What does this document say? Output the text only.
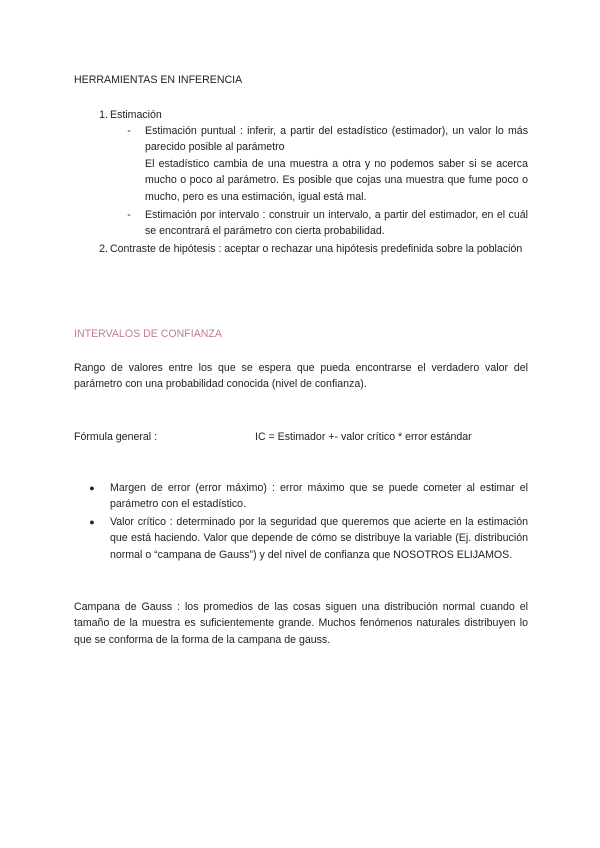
HERRAMIENTAS EN INFERENCIA
1. Estimación
-	Estimación puntual : inferir, a partir del estadístico (estimador), un valor lo más parecido posible al parámetro
El estadístico cambia de una muestra a otra y no podemos saber si se acerca mucho o poco al parámetro. Es posible que cojas una muestra que fume poco o mucho, pero es una estimación, igual está mal.
-	Estimación por intervalo : construir un intervalo, a partir del estimador, en el cuál se encontrará el parámetro con cierta probabilidad.
2. Contraste de hipótesis : aceptar o rechazar una hipótesis predefinida sobre la población
INTERVALOS DE CONFIANZA
Rango de valores entre los que se espera que pueda encontrarse el verdadero valor del parámetro con una probabilidad conocida (nivel de confianza).
Fórmula general :	IC = Estimador +- valor crítico * error estándar
● Margen de error (error máximo) : error máximo que se puede cometer al estimar el parámetro con el estadístico.
● Valor crítico : determinado por la seguridad que queremos que acierte en la estimación que está haciendo. Valor que depende de cómo se distribuye la variable (Ej. distribución normal o “campana de Gauss”) y del nivel de confianza que NOSOTROS ELIJAMOS.
Campana de Gauss : los promedios de las cosas siguen una distribución normal cuando el tamaño de la muestra es suficientemente grande. Muchos fenómenos naturales distribuyen lo que se conforma de la forma de la campana de gauss.
